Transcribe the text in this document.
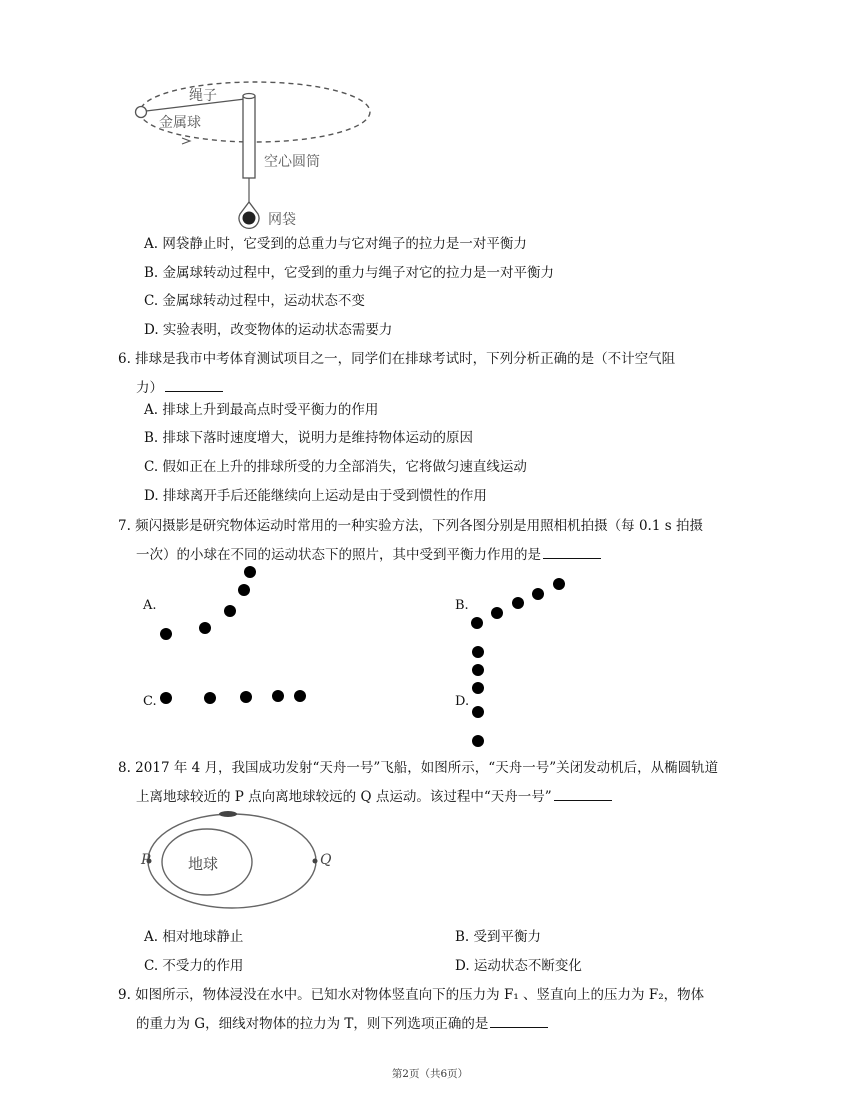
绳子
金属球
空心圆筒
网袋
A. 网袋静止时，它受到的总重力与它对绳子的拉力是一对平衡力
B. 金属球转动过程中，它受到的重力与绳子对它的拉力是一对平衡力
C. 金属球转动过程中，运动状态不变
D. 实验表明，改变物体的运动状态需要力
6. 排球是我市中考体育测试项目之一，同学们在排球考试时，下列分析正确的是（不计空气阻
力）
A. 排球上升到最高点时受平衡力的作用
B. 排球下落时速度增大，说明力是维持物体运动的原因
C. 假如正在上升的排球所受的力全部消失，它将做匀速直线运动
D. 排球离开手后还能继续向上运动是由于受到惯性的作用
7. 频闪摄影是研究物体运动时常用的一种实验方法，下列各图分别是用照相机拍摄（每 0.1 s 拍摄
一次）的小球在不同的运动状态下的照片，其中受到平衡力作用的是
A.	B.
C.	D.
8. 2017 年 4 月，我国成功发射“天舟一号”飞船，如图所示，“天舟一号”关闭发动机后，从椭圆轨道
上离地球较近的 P 点向离地球较远的 Q 点运动。该过程中“天舟一号”
地球
P	Q
A. 相对地球静止	B. 受到平衡力
C. 不受力的作用	D. 运动状态不断变化
9. 如图所示，物体浸没在水中。已知水对物体竖直向下的压力为 F₁ 、竖直向上的压力为 F₂，物体
的重力为 G，细线对物体的拉力为 T，则下列选项正确的是
第2页（共6页）
